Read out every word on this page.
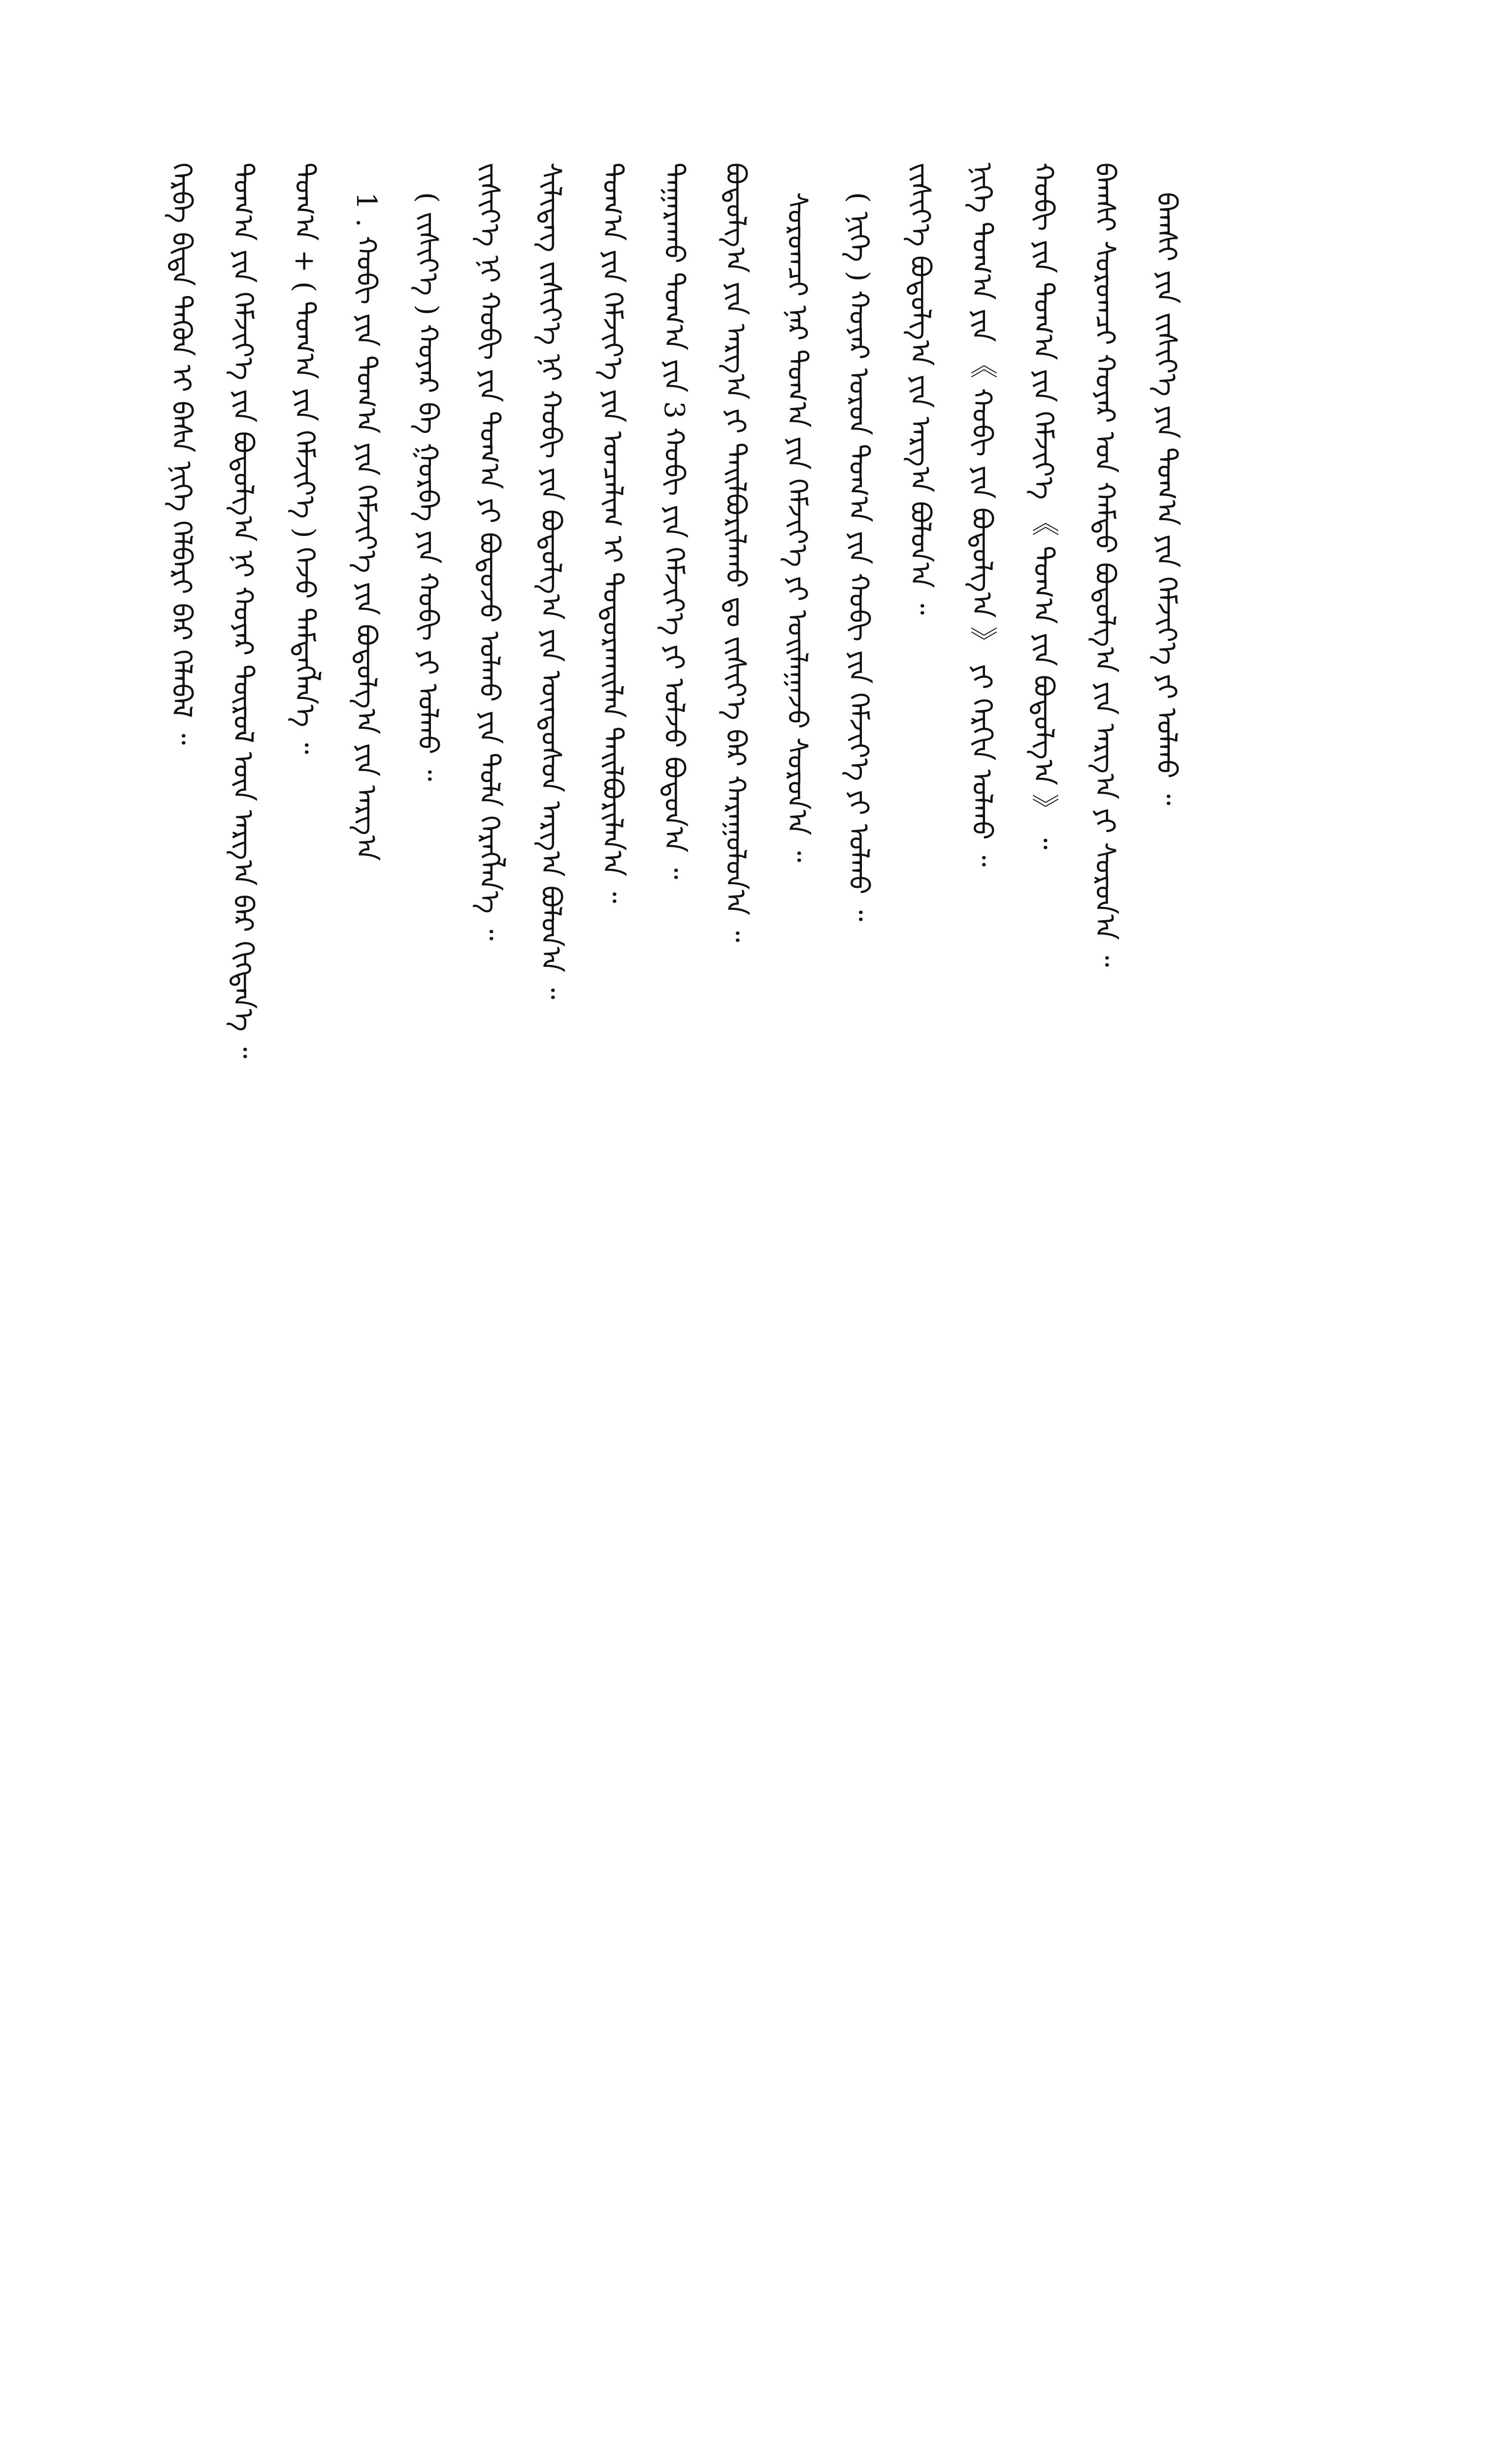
ᠬᠡᠷᠪᠡ ᠪᠢᠳᠡ ᠲᠡᠭᠦᠨ ᠢ ᠪᠠᠰᠠ ᠨᠢᠭᠡ ᠬᠡᠯᠪᠡᠷᠢ ᠪᠡᠷ ᠬᠡᠯᠡᠪᠡᠯ ᠃ ᠲᠣᠭ᠎ᠠ ᠶᠢᠨ ᠬᠡᠮᠵᠢᠶ᠎ᠡ ᠶᠢᠨ ᠪᠣᠳᠣᠯᠭ᠎ᠠ ᠨᠢ ᠬᠣᠶᠠᠷ ᠲᠦᠷᠦᠯ ᠦᠨ ᠠᠷᠭ᠎ᠠ ᠪᠠᠷ ᠬᠢᠭᠳᠡᠨ᠎ᠡ ᠃ ᠲᠣᠭ᠎ᠠ + ( ᠲᠣᠭ᠎ᠠ ᠶᠢᠨ ᠬᠡᠮᠵᠢᠶ᠎ᠡ ) ᠭᠡᠵᠦ ᠲᠡᠮᠳᠡᠭᠯᠡᠨ᠎ᠡ ᠃ 1 . ᠬᠤᠪᠢ ᠶᠢᠨ ᠲᠣᠭ᠎ᠠ ᠶᠢᠨ ᠬᠡᠮᠵᠢᠶ᠎ᠡ ᠶᠢᠨ ᠪᠣᠳᠣᠯᠭ᠎ᠠ ᠶᠢᠨ ᠠᠷᠭ᠎ᠠ ( ᠵᠢᠱᠢᠶ᠎ᠡ ) ᠬᠣᠶᠠᠷ ᠪᠠ ᠭᠤᠷᠪᠠ ᠶᠢᠨ ᠬᠤᠪᠢ ᠶᠢ ᠣᠯᠬᠤ ᠃ ᠵᠢᠱᠢᠶ᠎ᠡ ᠨᠢ ᠬᠤᠪᠢ ᠶᠢᠨ ᠲᠣᠭ᠎ᠠ ᠶᠢ ᠪᠣᠳᠣᠵᠤ ᠣᠯᠬᠤ ᠶᠢᠨ ᠲᠤᠯᠠ ᠬᠡᠷᠡᠭᠯᠡᠨ᠎ᠡ ᠃ ᠰᠢᠯᠢᠳᠡᠭ ᠵᠢᠱᠢᠶ᠎ᠡ ᠨᠢ ᠬᠤᠪᠢ ᠶᠢᠨ ᠪᠣᠳᠣᠯᠭ᠎ᠠ ᠶᠢᠨ ᠦᠨᠳᠦᠰᠦᠨ ᠠᠷᠭ᠎ᠠ ᠪᠣᠯᠤᠨ᠎ᠠ ᠃ ᠲᠣᠭ᠎ᠠ ᠶᠢᠨ ᠬᠡᠮᠵᠢᠶ᠎ᠡ ᠶᠢᠨ ᠣᠨᠴᠠᠯᠢᠭ ᠢ ᠲᠣᠳᠣᠷᠬᠠᠢᠯᠠᠨ ᠲᠠᠢᠯᠪᠤᠷᠢᠯᠠᠨ᠎ᠠ ᠃ ᠲᠠᠭᠠᠷᠠᠬᠤ ᠲᠣᠭ᠎ᠠ ᠶᠢᠨ 3 ᠬᠤᠪᠢ ᠶᠢᠨ ᠬᠡᠮᠵᠢᠶ᠎ᠡ ᠶᠢ ᠣᠯᠵᠤ ᠪᠣᠳᠣᠨ᠎ᠠ ᠃ ᠪᠣᠳᠣᠯᠭ᠎ᠠ ᠶᠢᠨ ᠠᠷᠭ᠎ᠠ ᠶᠢ ᠲᠠᠢᠯᠪᠤᠷᠢᠯᠠᠬᠤ ᠳᠤ ᠵᠢᠱᠢᠶ᠎ᠡ ᠪᠠᠷ ᠬᠠᠷᠠᠭᠤᠯᠤᠨ᠎ᠠ ᠃ ᠰᠤᠷᠤᠭᠴᠢ ᠨᠠᠷ ᠲᠣᠭ᠎ᠠ ᠶᠢᠨ ᠬᠡᠮᠵᠢᠶ᠎ᠡ ᠶᠢ ᠣᠢᠯᠠᠭᠠᠵᠤ ᠰᠤᠷᠤᠨ᠎ᠠ ᠃ ( ᠨᠢᠭᠡ ) ᠬᠣᠶᠠᠷ ᠣᠷᠣᠨ ᠲᠣᠭ᠎ᠠ ᠶᠢᠨ ᠬᠤᠪᠢ ᠶᠢᠨ ᠬᠡᠮᠵᠢᠶ᠎ᠡ ᠶᠢ ᠣᠯᠬᠤ ᠃ ᠵᠢᠱᠢᠶ᠎ᠡ ᠪᠣᠳᠣᠯᠭ᠎ᠠ ᠶᠢᠨ ᠠᠷᠭ᠎ᠠ ᠪᠣᠯᠤᠨ᠎ᠠ ᠃ ᠨᠢᠭᠡ ᠲᠣᠭ᠎ᠠ ᠶᠢᠨ 《 ᠬᠤᠪᠢ ᠶᠢᠨ ᠪᠣᠳᠣᠯᠭ᠎ᠠ 》 ᠶᠢ ᠬᠡᠷᠬᠢᠨ ᠣᠯᠬᠤ ᠃ ᠬᠤᠪᠢ ᠶᠢᠨ ᠲᠣᠭ᠎ᠠ ᠶᠢᠨ ᠬᠡᠮᠵᠢᠶ᠎ᠡ 《 ᠲᠣᠭ᠎ᠠ ᠶᠢᠨ ᠪᠣᠳᠣᠯᠭ᠎ᠠ 》 ᠃ ᠪᠠᠭᠰᠢ ᠰᠤᠷᠤᠭᠴᠢ ᠬᠣᠶᠠᠷ ᠤᠨ ᠬᠠᠮᠲᠤ ᠪᠣᠳᠣᠯᠭ᠎ᠠ ᠶᠢᠨ ᠠᠷᠭ᠎ᠠ ᠶᠢ ᠰᠤᠷᠤᠨ᠎ᠠ ᠃ ᠪᠠᠭᠰᠢ ᠶᠢᠨ ᠵᠢᠱᠢᠶ᠎ᠡ ᠶᠢᠨ ᠲᠣᠭ᠎ᠠ ᠶᠢᠨ ᠬᠡᠮᠵᠢᠶ᠎ᠡ ᠶᠢ ᠣᠯᠬᠤ ᠃
